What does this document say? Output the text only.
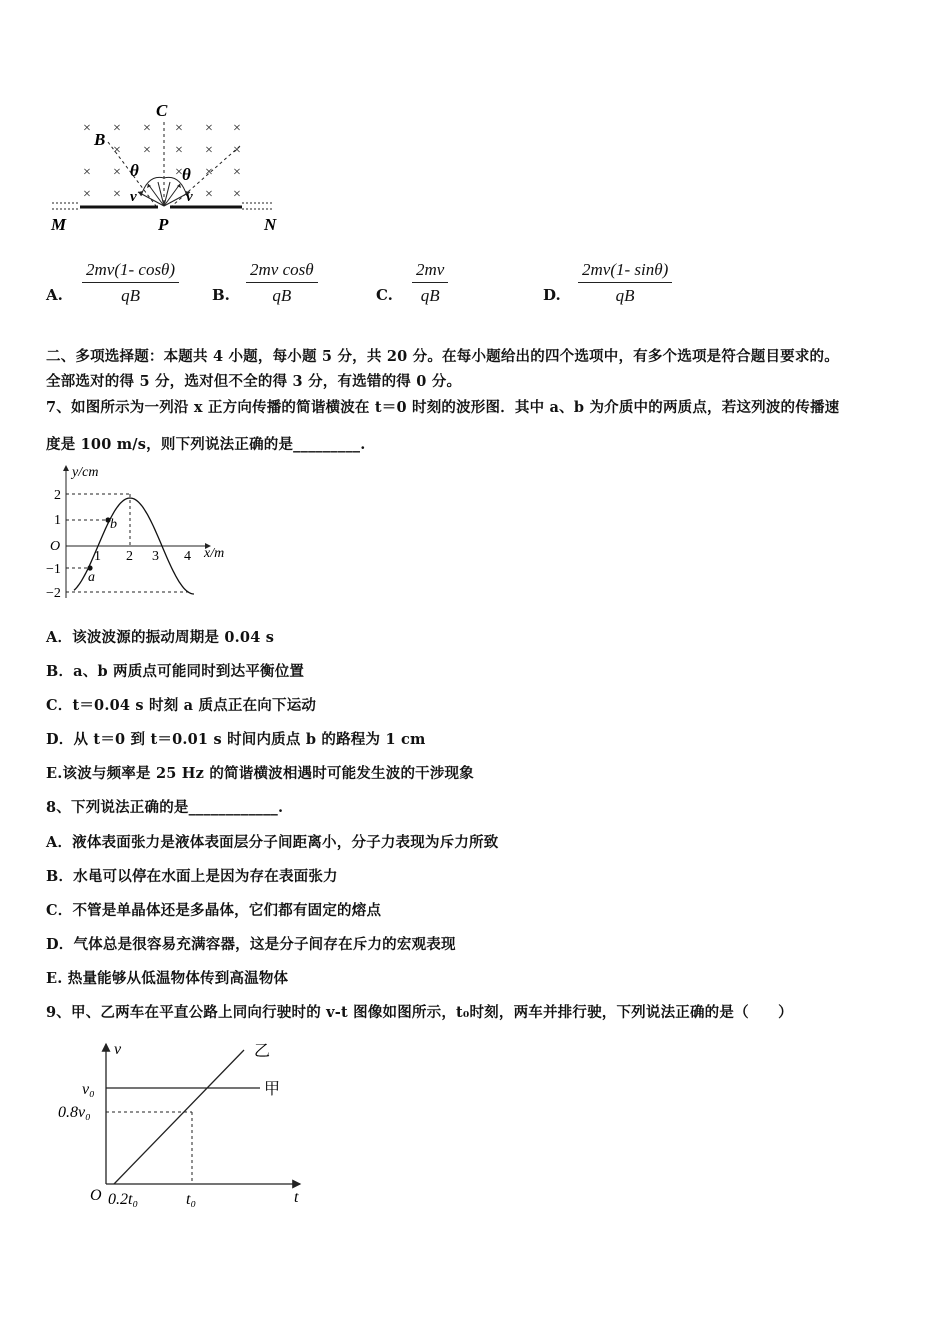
× × × × × ×
× × × × ×
× ×	× × ×
× ×	× ×
C
B
θ	θ
v	v
M	P	N
A. $\frac{2mv(1- \cos\theta)}{qB} B$. $\frac{\text{2mv cosθ}}{qB}$	C. $\frac{2mv}{qB}$	D. $\frac{2mv(1- \sin\theta)}{qB}$
二、多项选择题：本题共 4 小题，每小题 5 分，共 20 分。在每小题给出的四个选项中，有多个选项是符合题目要求的。
全部选对的得 5 分，选对但不全的得 3 分，有选错的得 0 分。
7、如图所示为一列沿 x 正方向传播的简谐横波在 t＝0 时刻的波形图．其中 a、b 为介质中的两质点，若这列波的传播速
度是 100 m/s，则下列说法正确的是_________.
y/cm
x/m
O
2
1
−1
−2
1 2 3 4
b
a
A．该波波源的振动周期是 0.04 s
B．a、b 两质点可能同时到达平衡位置
C．t＝0.04 s 时刻 a 质点正在向下运动
D．从 t＝0 到 t＝0.01 s 时间内质点 b 的路程为 1 cm
E.该波与频率是 25 Hz 的简谐横波相遇时可能发生波的干涉现象
8、下列说法正确的是____________.
A．液体表面张力是液体表面层分子间距离小，分子力表现为斥力所致
B．水黾可以停在水面上是因为存在表面张力
C．不管是单晶体还是多晶体，它们都有固定的熔点
D．气体总是很容易充满容器，这是分子间存在斥力的宏观表现
E. 热量能够从低温物体传到高温物体
9、甲、乙两车在平直公路上同向行驶时的 v-t 图像如图所示，t₀时刻，两车并排行驶，下列说法正确的是（　　）
v
t
O
v₀
0.8v₀
0.2t₀	t₀
甲
乙
